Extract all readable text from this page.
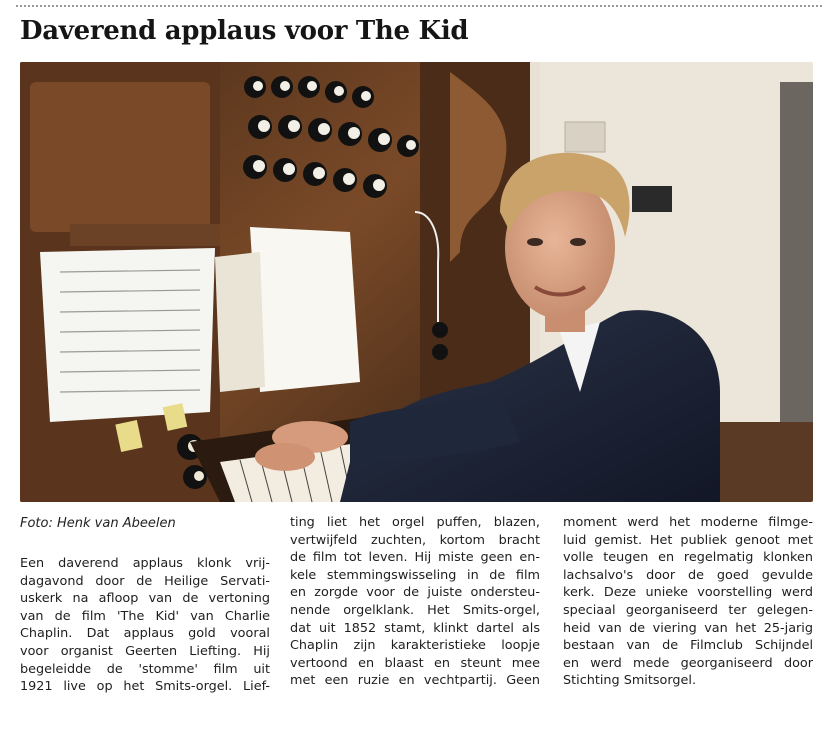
Daverend applaus voor The Kid
Foto: Henk van Abeelen

Een daverend applaus klonk vrij-

dagavond door de Heilige Servati-

uskerk na afloop van de vertoning

van de film 'The Kid' van Charlie

Chaplin. Dat applaus gold vooral

voor organist Geerten Liefting. Hij

begeleidde de 'stomme' film uit

1921 live op het Smits-orgel. Lief-

ting liet het orgel puffen, blazen,

vertwijfeld zuchten, kortom bracht

de film tot leven. Hij miste geen en-

kele stemmingswisseling in de film

en zorgde voor de juiste ondersteu-

nende orgelklank. Het Smits-orgel,

dat uit 1852 stamt, klinkt dartel als

Chaplin zijn karakteristieke loopje

vertoond en blaast en steunt mee

met een ruzie en vechtpartij. Geen

moment werd het moderne filmge-

luid gemist. Het publiek genoot met

volle teugen en regelmatig klonken

lachsalvo's door de goed gevulde

kerk. Deze unieke voorstelling werd

speciaal georganiseerd ter gelegen-

heid van de viering van het 25-jarig

bestaan van de Filmclub Schijndel

en werd mede georganiseerd door

Stichting Smitsorgel.
